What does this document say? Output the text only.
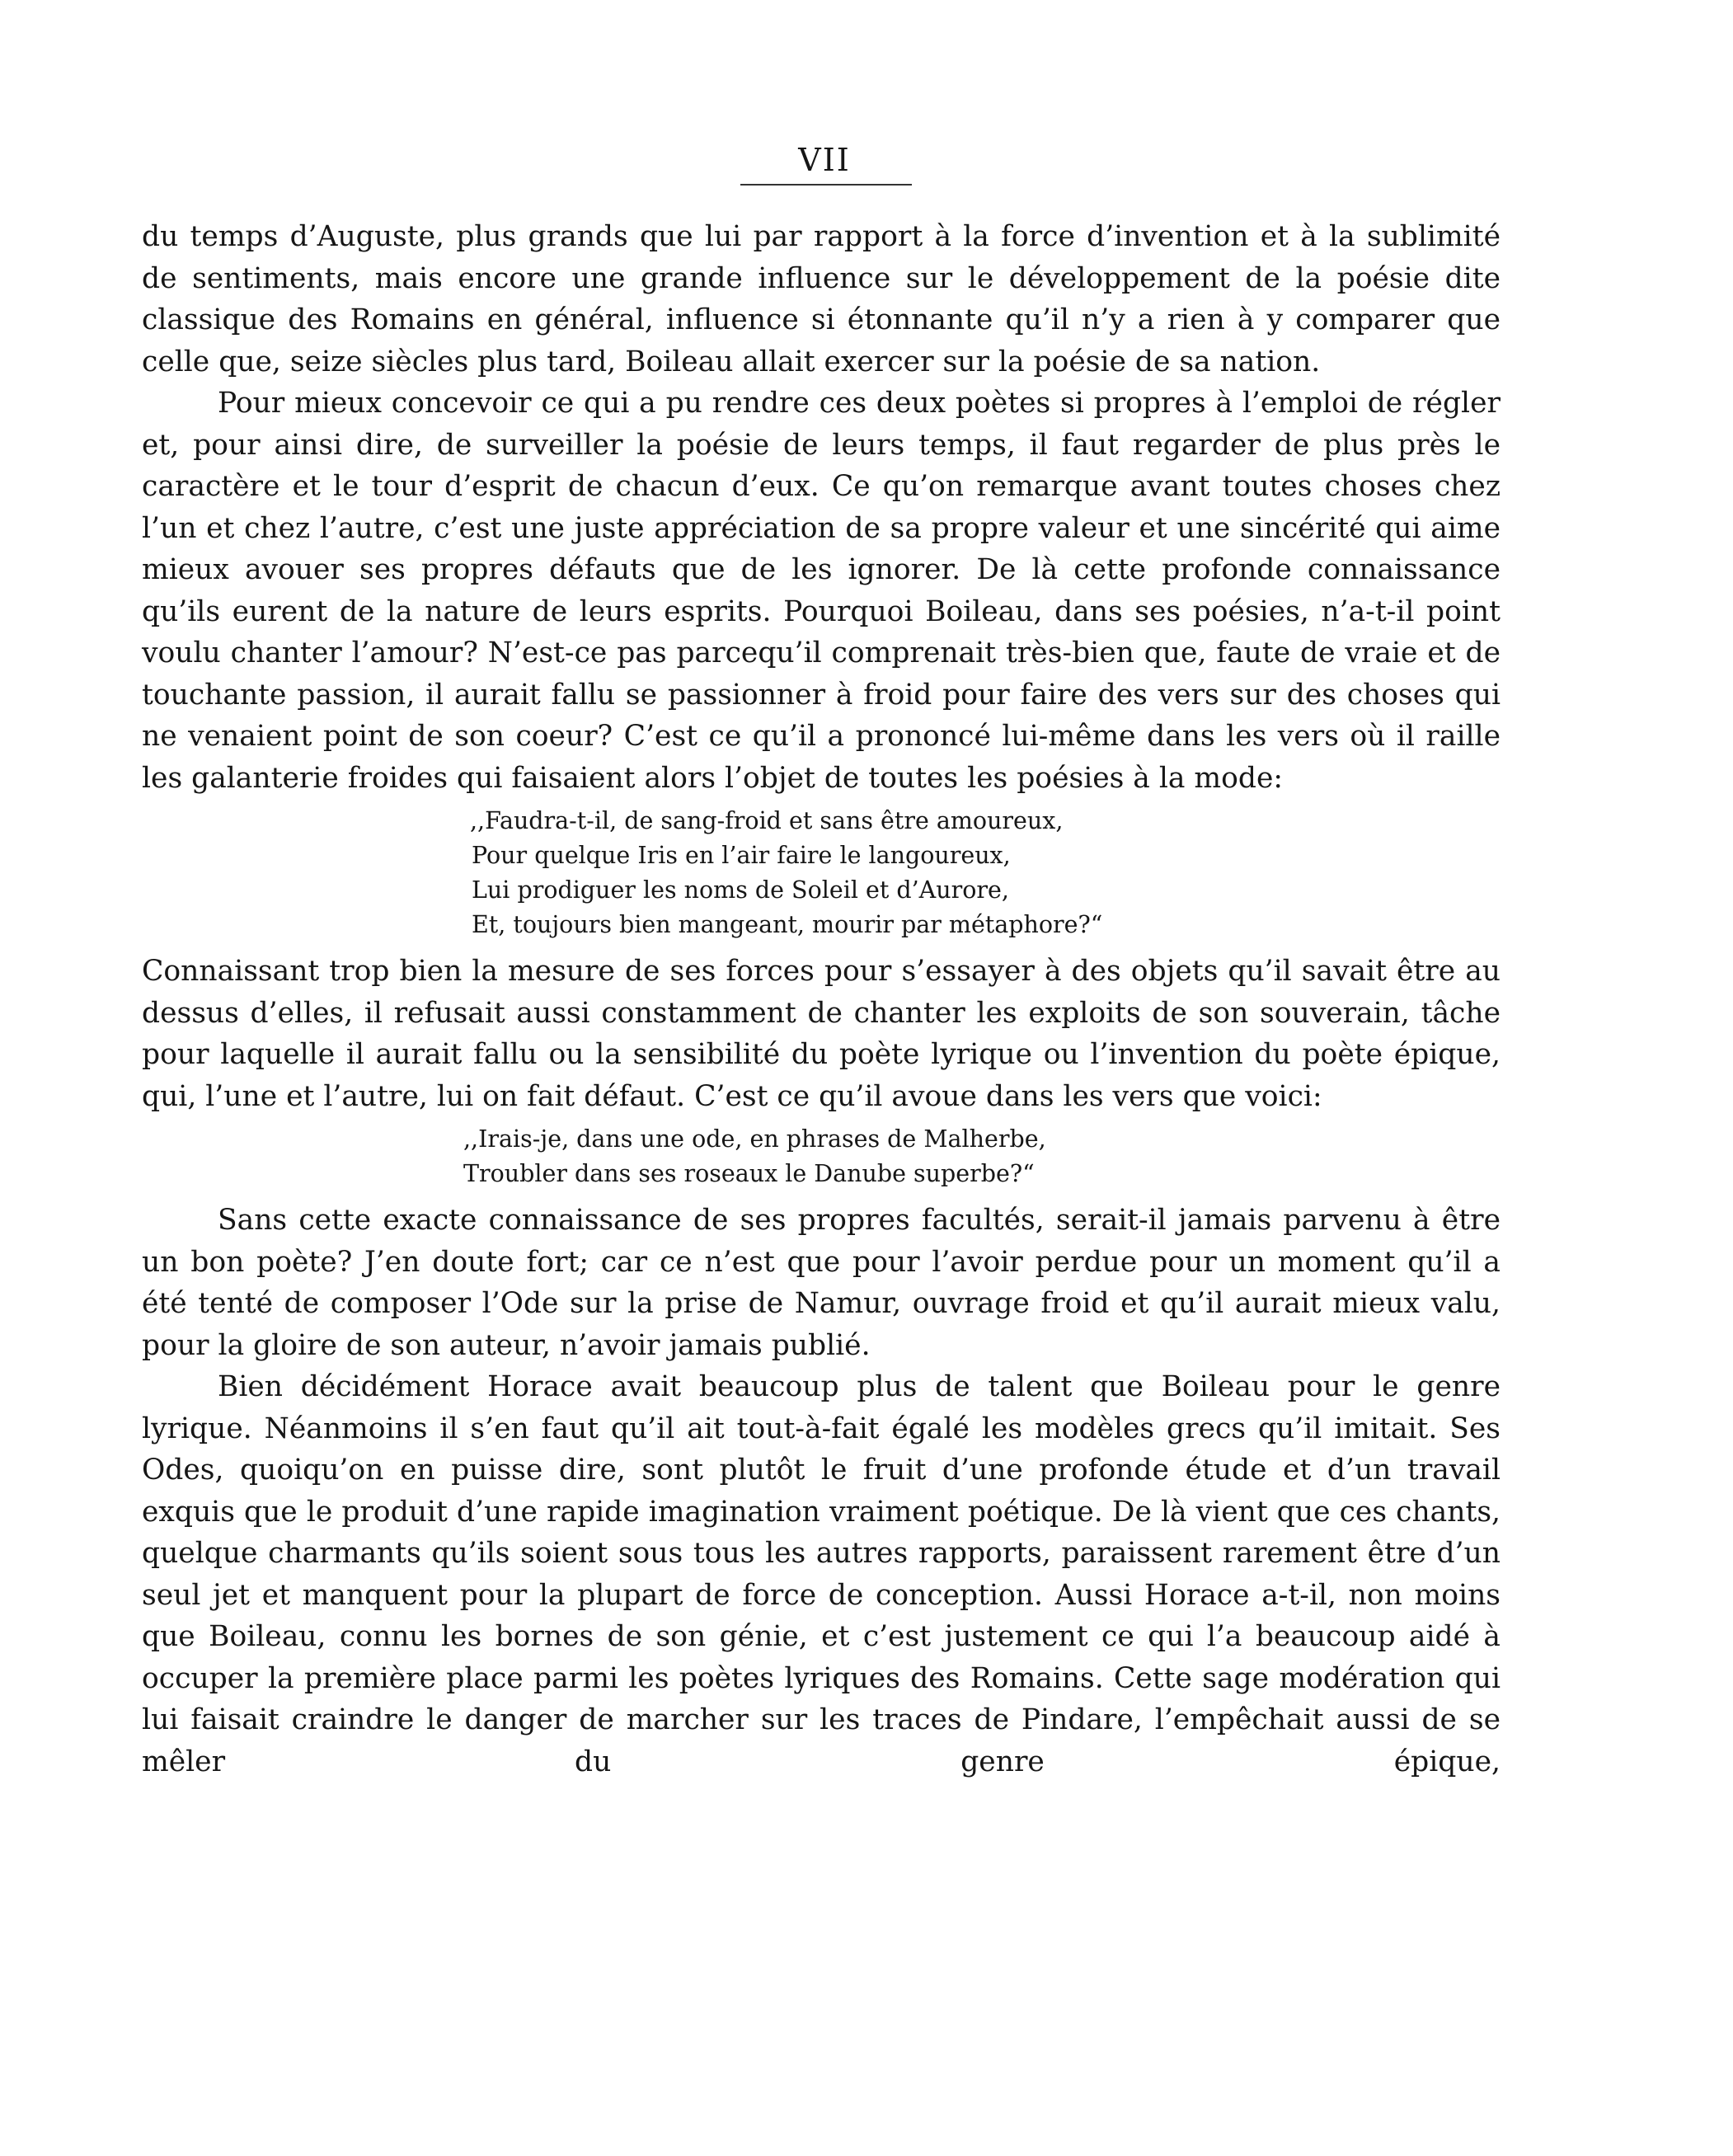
VII

du temps d’Auguste, plus grands que lui par rapport à la force d’invention et à la sublimité de sentiments, mais encore une grande influence sur le développement de la poésie dite classique des Romains en général, influence si étonnante qu’il n’y a rien à y comparer que celle que, seize siècles plus tard, Boileau allait exercer sur la poésie de sa nation.

Pour mieux concevoir ce qui a pu rendre ces deux poètes si propres à l’emploi de régler et, pour ainsi dire, de surveiller la poésie de leurs temps, il faut regarder de plus près le caractère et le tour d’esprit de chacun d’eux. Ce qu’on remarque avant toutes choses chez l’un et chez l’autre, c’est une juste appréciation de sa propre valeur et une sincérité qui aime mieux avouer ses propres défauts que de les ignorer. De là cette profonde connaissance qu’ils eurent de la nature de leurs esprits. Pourquoi Boileau, dans ses poésies, n’a-t-il point voulu chanter l’amour? N’est-ce pas parcequ’il comprenait très-bien que, faute de vraie et de touchante passion, il aurait fallu se passionner à froid pour faire des vers sur des choses qui ne venaient point de son coeur? C’est ce qu’il a prononcé lui-même dans les vers où il raille les galanterie froides qui faisaient alors l’objet de toutes les poésies à la mode:

,,Faudra-t-il, de sang-froid et sans être amoureux,
Pour quelque Iris en l’air faire le langoureux,
Lui prodiguer les noms de Soleil et d’Aurore,
Et, toujours bien mangeant, mourir par métaphore?“

Connaissant trop bien la mesure de ses forces pour s’essayer à des objets qu’il savait être au dessus d’elles, il refusait aussi constamment de chanter les exploits de son souverain, tâche pour laquelle il aurait fallu ou la sensibilité du poète lyrique ou l’invention du poète épique, qui, l’une et l’autre, lui on fait défaut. C’est ce qu’il avoue dans les vers que voici:

,,Irais-je, dans une ode, en phrases de Malherbe,
Troubler dans ses roseaux le Danube superbe?“

Sans cette exacte connaissance de ses propres facultés, serait-il jamais parvenu à être un bon poète? J’en doute fort; car ce n’est que pour l’avoir perdue pour un moment qu’il a été tenté de composer l’Ode sur la prise de Namur, ouvrage froid et qu’il aurait mieux valu, pour la gloire de son auteur, n’avoir jamais publié.

Bien décidément Horace avait beaucoup plus de talent que Boileau pour le genre lyrique. Néanmoins il s’en faut qu’il ait tout-à-fait égalé les modèles grecs qu’il imitait. Ses Odes, quoiqu’on en puisse dire, sont plutôt le fruit d’une profonde étude et d’un travail exquis que le produit d’une rapide imagination vraiment poétique. De là vient que ces chants, quelque charmants qu’ils soient sous tous les autres rapports, paraissent rarement être d’un seul jet et manquent pour la plupart de force de conception. Aussi Horace a-t-il, non moins que Boileau, connu les bornes de son génie, et c’est justement ce qui l’a beaucoup aidé à occuper la première place parmi les poètes lyriques des Romains. Cette sage modération qui lui faisait craindre le danger de marcher sur les traces de Pindare, l’empêchait aussi de se mêler du genre épique,
